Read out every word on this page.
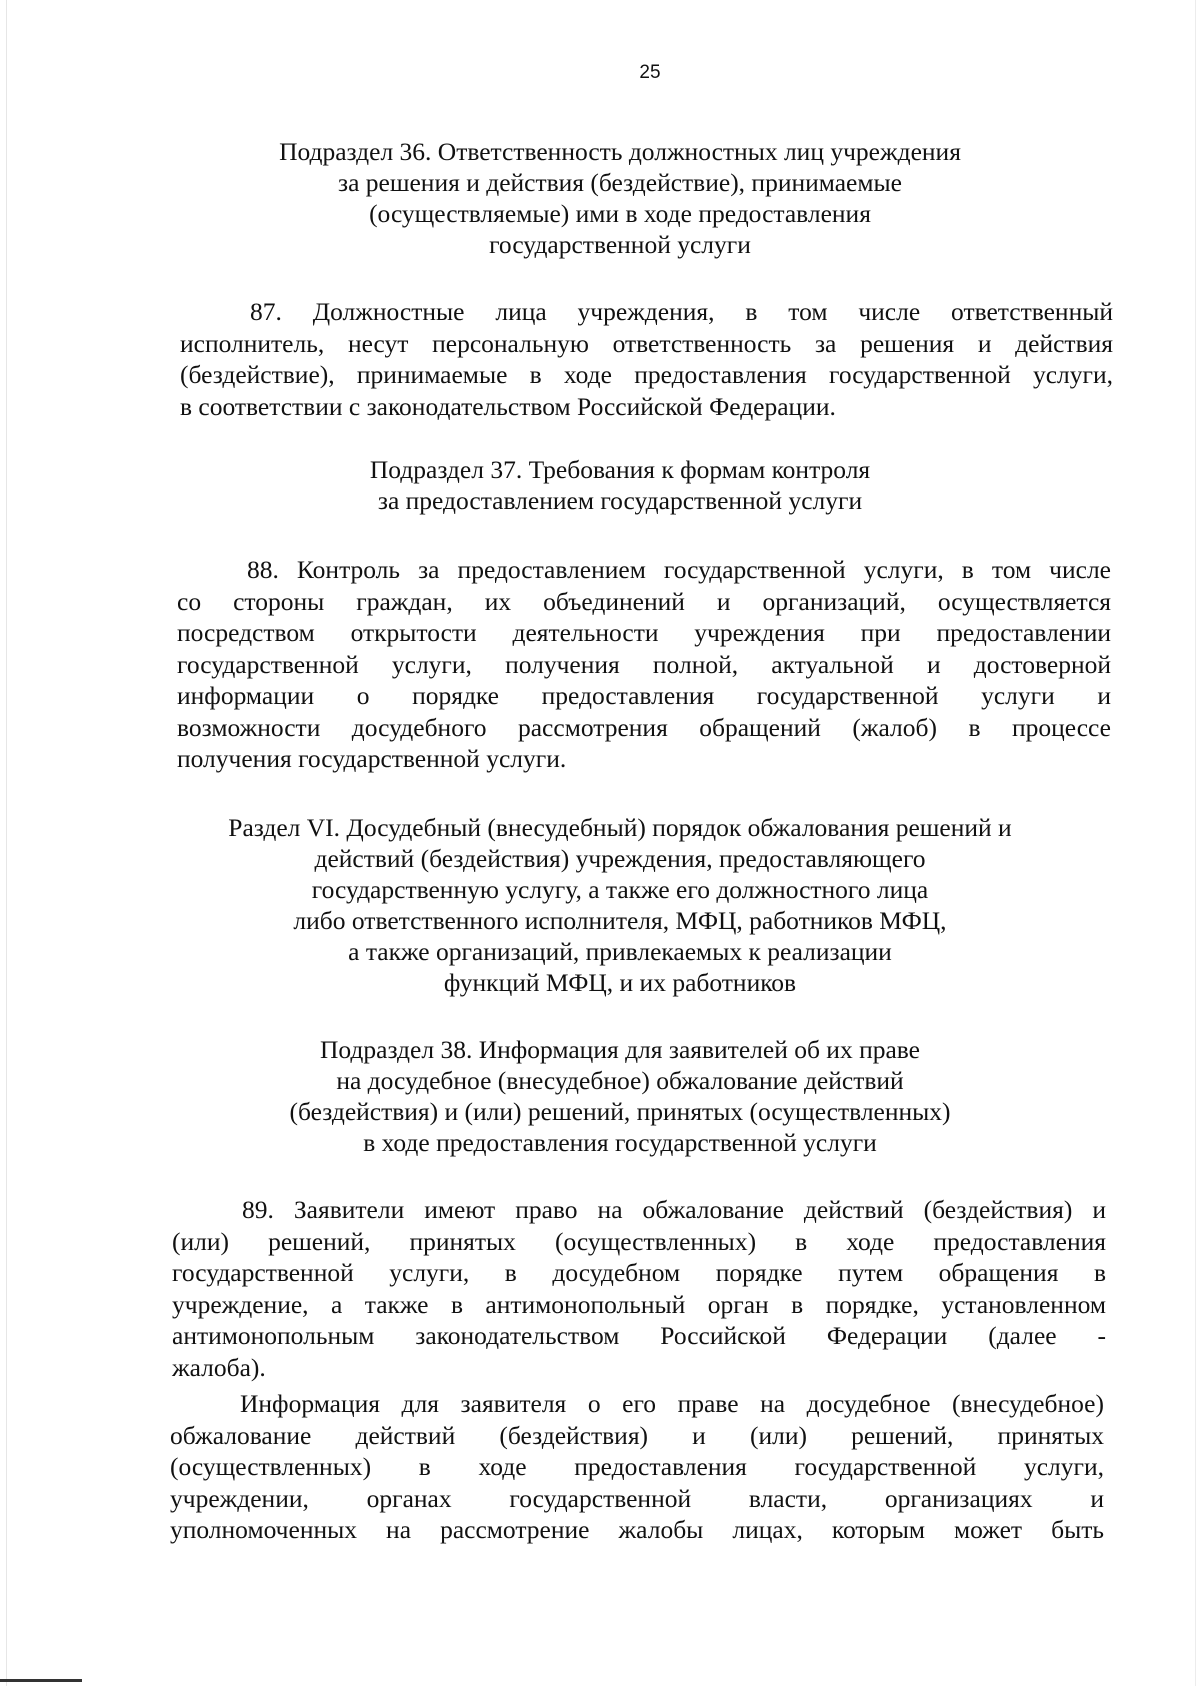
25
Подраздел 36. Ответственность должностных лиц учреждения
за решения и действия (бездействие), принимаемые
(осуществляемые) ими в ходе предоставления
государственной услуги
87. Должностные лица учреждения, в том числе ответственный
исполнитель, несут персональную ответственность за решения и действия
(бездействие), принимаемые в ходе предоставления государственной услуги,
в соответствии с законодательством Российской Федерации.
Подраздел 37. Требования к формам контроля
за предоставлением государственной услуги
88. Контроль за предоставлением государственной услуги, в том числе
со стороны граждан, их объединений и организаций, осуществляется
посредством открытости деятельности учреждения при предоставлении
государственной услуги, получения полной, актуальной и достоверной
информации о порядке предоставления государственной услуги и
возможности досудебного рассмотрения обращений (жалоб) в процессе
получения государственной услуги.
Раздел VI. Досудебный (внесудебный) порядок обжалования решений и
действий (бездействия) учреждения, предоставляющего
государственную услугу, а также его должностного лица
либо ответственного исполнителя, МФЦ, работников МФЦ,
а также организаций, привлекаемых к реализации
функций МФЦ, и их работников
Подраздел 38. Информация для заявителей об их праве
на досудебное (внесудебное) обжалование действий
(бездействия) и (или) решений, принятых (осуществленных)
в ходе предоставления государственной услуги
89. Заявители имеют право на обжалование действий (бездействия) и
(или) решений, принятых (осуществленных) в ходе предоставления
государственной услуги, в досудебном порядке путем обращения в
учреждение, а также в антимонопольный орган в порядке, установленном
антимонопольным законодательством Российской Федерации (далее -
жалоба).
Информация для заявителя о его праве на досудебное (внесудебное)
обжалование действий (бездействия) и (или) решений, принятых
(осуществленных) в ходе предоставления государственной услуги,
учреждении, органах государственной власти, организациях и
уполномоченных на рассмотрение жалобы лицах, которым может быть
